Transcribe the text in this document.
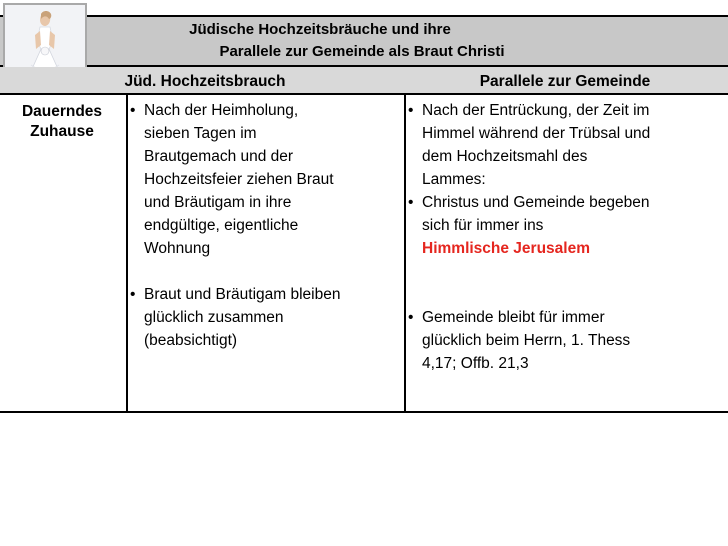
Jüdische Hochzeitsbräuche und ihre
Parallele zur Gemeinde als Braut Christi
Jüd. Hochzeitsbrauch	Parallele zur Gemeinde
Dauerndes
Zuhause
• Nach der Heimholung,
sieben Tagen im
Brautgemach und der
Hochzeitsfeier ziehen Braut
und Bräutigam in ihre
endgültige, eigentliche
Wohnung
• Braut und Bräutigam bleiben
glücklich zusammen
(beabsichtigt)
• Nach der Entrückung, der Zeit im
Himmel während der Trübsal und
dem Hochzeitsmahl des
Lammes:
• Christus und Gemeinde begeben
sich für immer ins
Himmlische Jerusalem
• Gemeinde bleibt für immer
glücklich beim Herrn, 1. Thess
4,17; Offb. 21,3
